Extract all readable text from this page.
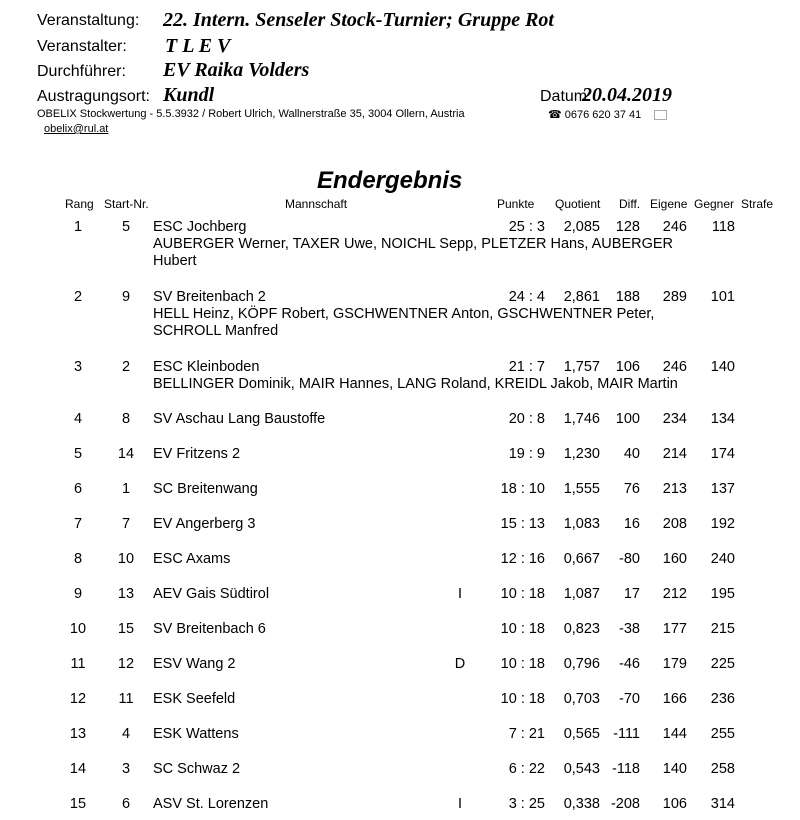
Veranstaltung: 22. Intern. Senseler Stock-Turnier; Gruppe Rot
Veranstalter: T L E V
Durchführer: EV Raika Volders
Austragungsort: Kundl	Datum
20.04.2019
OBELIX Stockwertung - 5.5.3932 / Robert Ulrich, Wallnerstraße 35, 3004 Ollern, Austria	☎ 0676 620 37 41
obelix@rul.at
Endergebnis
Rang Start-Nr.	Mannschaft	Punkte Quotient Diff. Eigene Gegner Strafe
1	5	ESC Jochberg	25 : 3	2,085	128	246	118
AUBERGER Werner, TAXER Uwe, NOICHL Sepp, PLETZER Hans, AUBERGER
Hubert
2	9	SV Breitenbach 2	24 : 4	2,861	188	289	101
HELL Heinz, KÖPF Robert, GSCHWENTNER Anton, GSCHWENTNER Peter,
SCHROLL Manfred
3	2	ESC Kleinboden	21 : 7	1,757	106	246	140
BELLINGER Dominik, MAIR Hannes, LANG Roland, KREIDL Jakob, MAIR Martin
4	8	SV Aschau Lang Baustoffe	20 : 8	1,746	100	234	134
5	14	EV Fritzens 2	19 : 9	1,230	40	214	174
6	1	SC Breitenwang	18 : 10	1,555	76	213	137
7	7	EV Angerberg 3	15 : 13	1,083	16	208	192
8	10	ESC Axams	12 : 16	0,667	-80	160	240
9	13	AEV Gais Südtirol	I	10 : 18	1,087	17	212	195
10	15	SV Breitenbach 6	10 : 18	0,823	-38	177	215
11	12	ESV Wang 2	D	10 : 18	0,796	-46	179	225
12	11	ESK Seefeld	10 : 18	0,703	-70	166	236
13	4	ESK Wattens	7 : 21	0,565 -111	144	255
14	3	SC Schwaz 2	6 : 22	0,543 -118	140	258
15	6	ASV St. Lorenzen	I	3 : 25	0,338 -208	106	314
